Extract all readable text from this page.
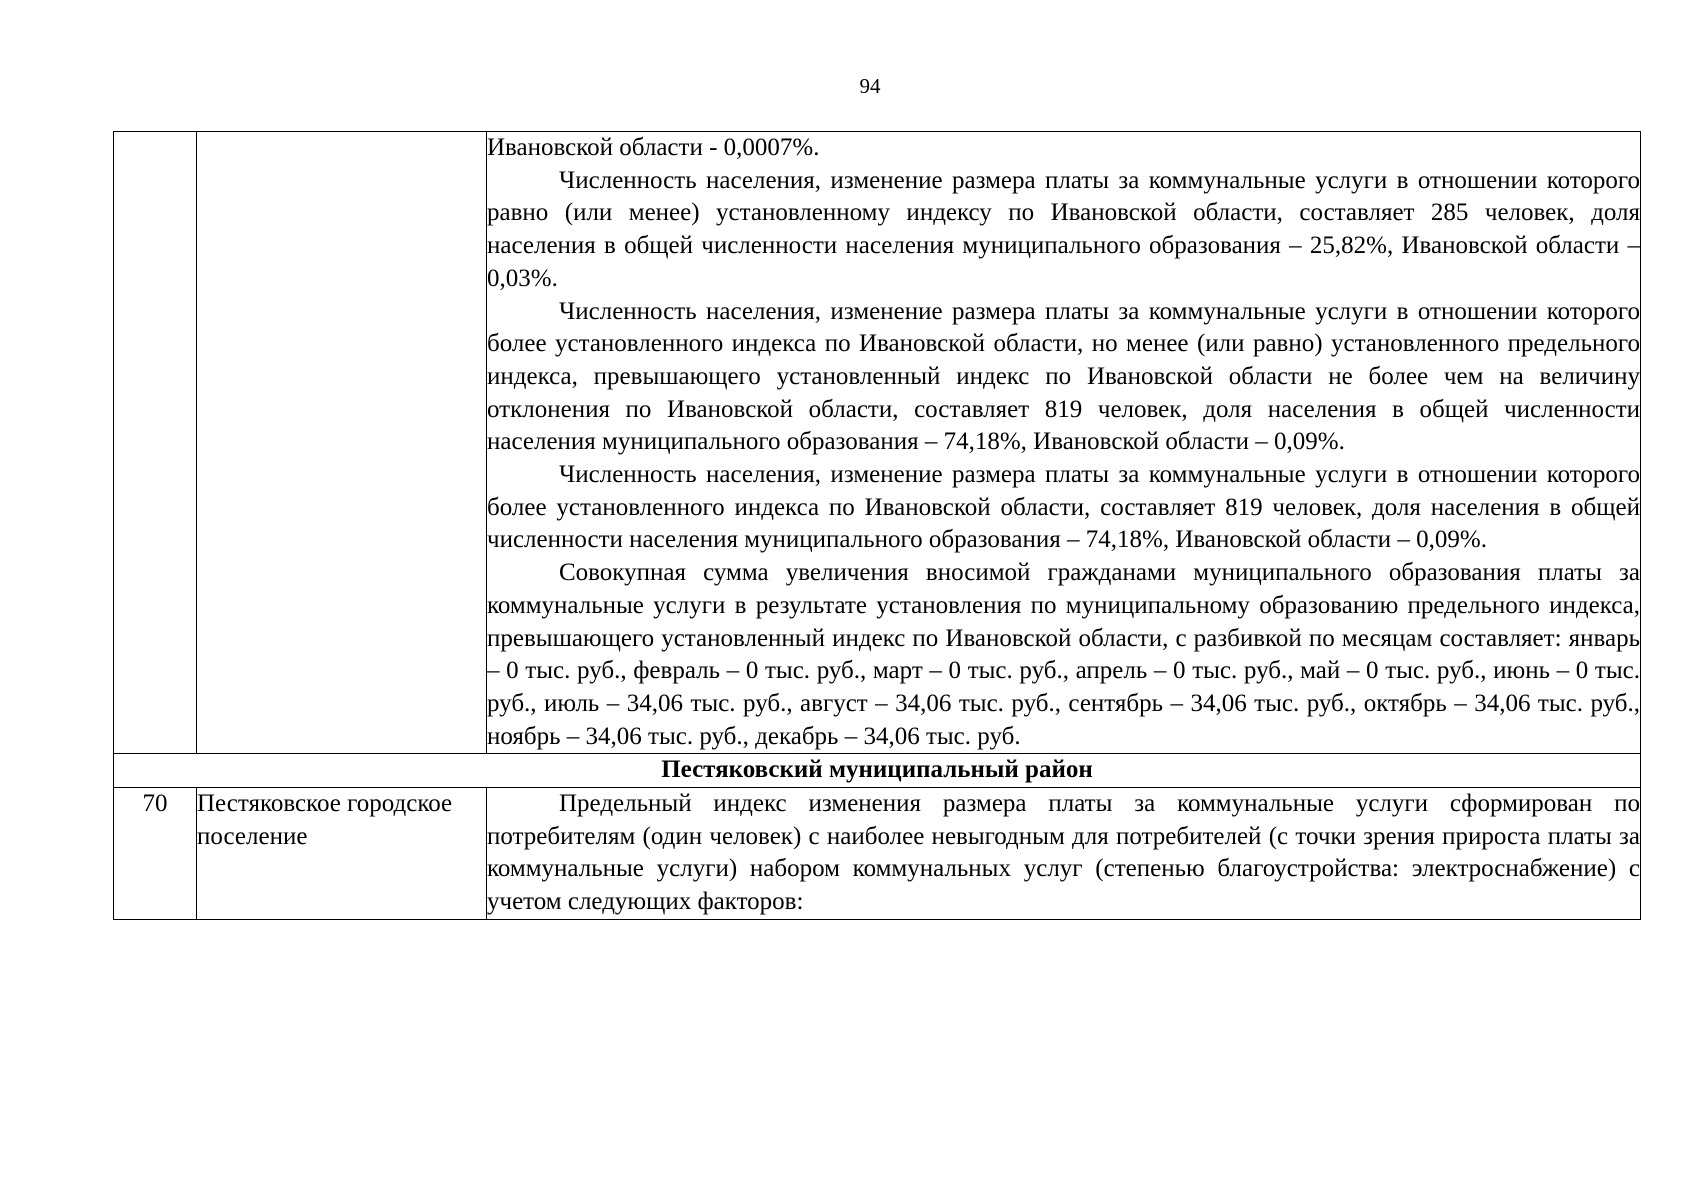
94

		Ивановской области - 0,0007%.

Численность населения, изменение размера платы за коммунальные услуги в отношении которого равно (или менее) установленному индексу по Ивановской области, составляет 285 человек, доля населения в общей численности населения муниципального образования – 25,82%, Ивановской области – 0,03%.

Численность населения, изменение размера платы за коммунальные услуги в отношении которого более установленного индекса по Ивановской области, но менее (или равно) установленного предельного индекса, превышающего установленный индекс по Ивановской области не более чем на величину отклонения по Ивановской области, составляет 819 человек, доля населения в общей численности населения муниципального образования – 74,18%, Ивановской области – 0,09%.

Численность населения, изменение размера платы за коммунальные услуги в отношении которого более установленного индекса по Ивановской области, составляет 819 человек, доля населения в общей численности населения муниципального образования – 74,18%, Ивановской области – 0,09%.

Совокупная сумма увеличения вносимой гражданами муниципального образования платы за коммунальные услуги в результате установления по муниципальному образованию предельного индекса, превышающего установленный индекс по Ивановской области, с разбивкой по месяцам составляет: январь – 0 тыс. руб., февраль – 0 тыс. руб., март – 0 тыс. руб., апрель – 0 тыс. руб., май – 0 тыс. руб., июнь – 0 тыс. руб., июль – 34,06 тыс. руб., август – 34,06 тыс. руб., сентябрь – 34,06 тыс. руб., октябрь – 34,06 тыс. руб., ноябрь – 34,06 тыс. руб., декабрь – 34,06 тыс. руб.

Пестяковский муниципальный район		
70	Пестяковское городское поселение	Предельный индекс изменения размера платы за коммунальные услуги сформирован по потребителям (один человек) с наиболее невыгодным для потребителей (с точки зрения прироста платы за коммунальные услуги) набором коммунальных услуг (степенью благоустройства: электроснабжение) с учетом следующих факторов:
